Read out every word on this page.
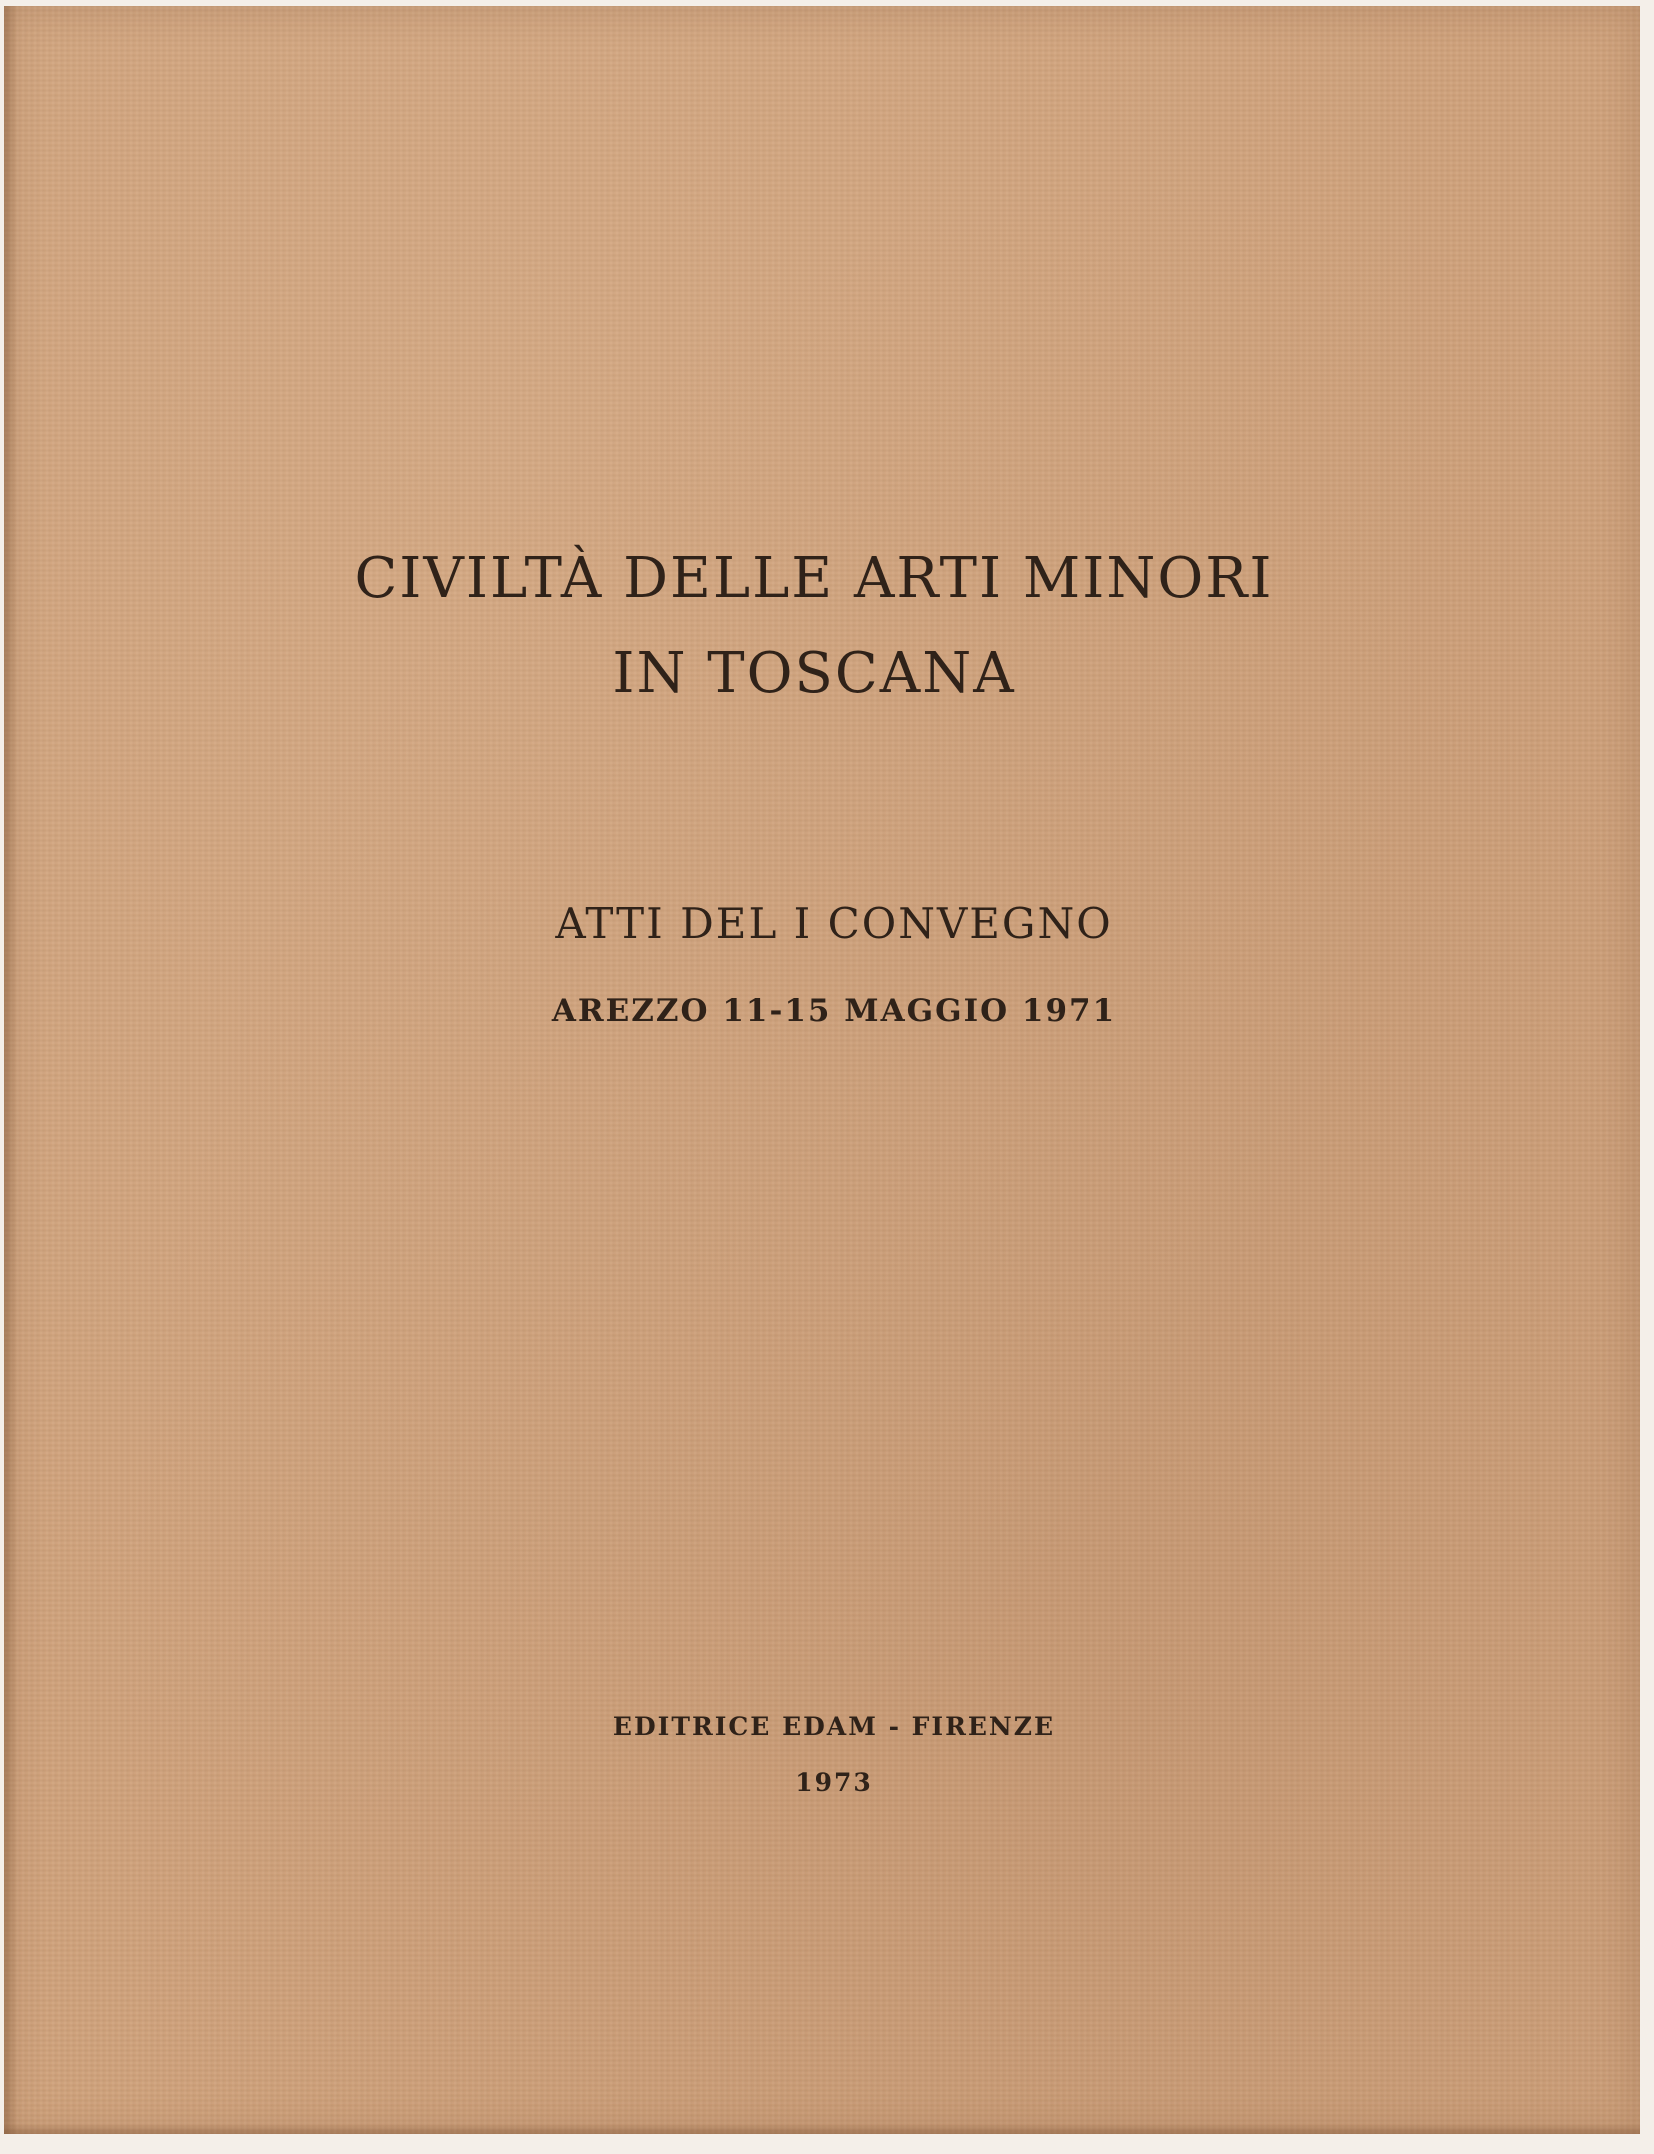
CIVILTÀ DELLE ARTI MINORI
IN TOSCANA
ATTI DEL I CONVEGNO
AREZZO 11-15 MAGGIO 1971
EDITRICE EDAM - FIRENZE
1973
